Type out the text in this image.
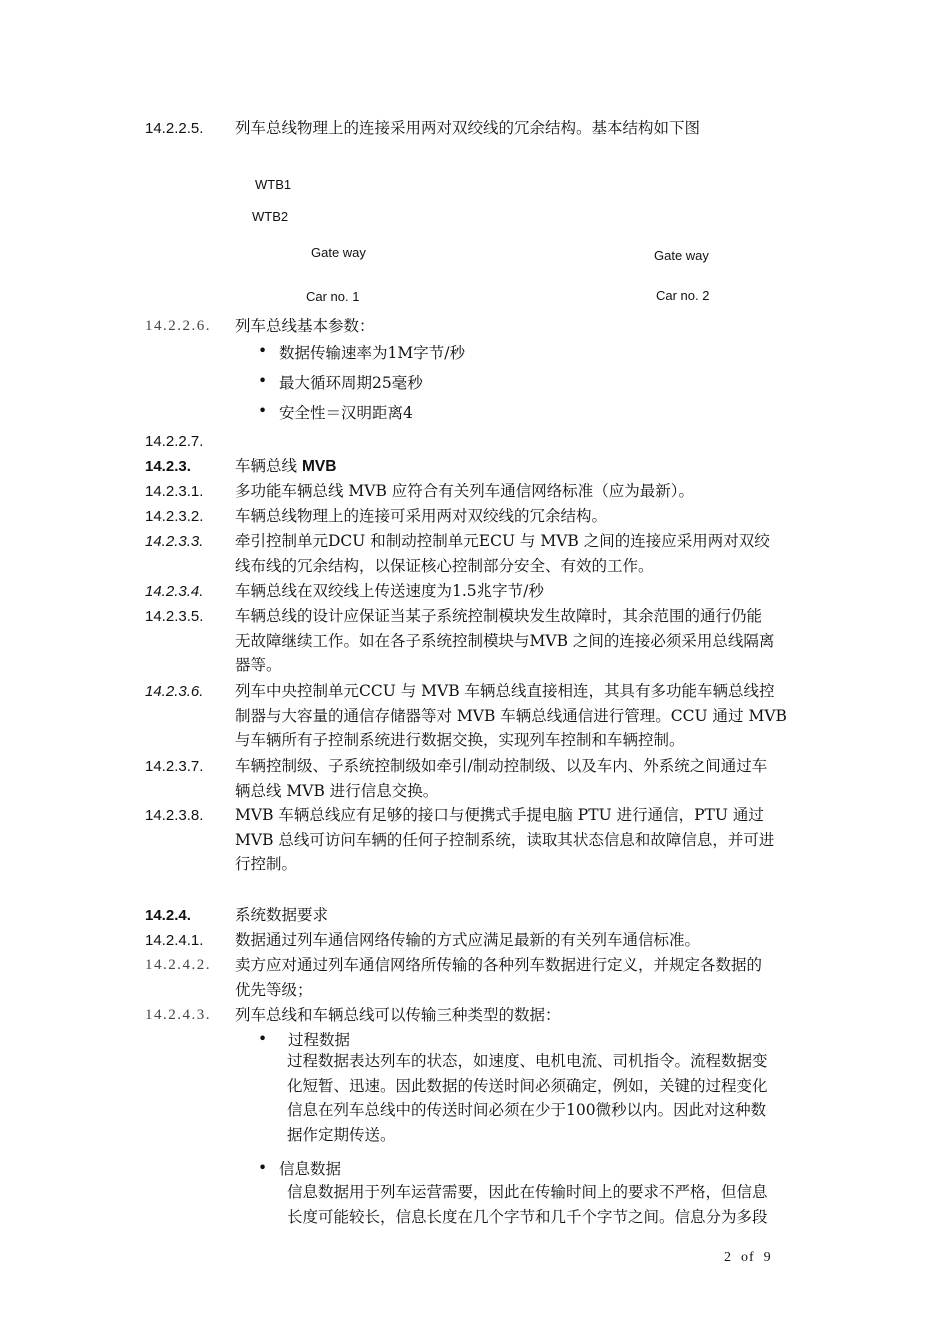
14.2.2.5. 列车总线物理上的连接采用两对双绞线的冗余结构。基本结构如下图
WTB1
WTB2
Gate way	Gate way
Car no. 1	Car no. 2
14.2.2.6. 列车总线基本参数：
• 数据传输速率为1M字节/秒
• 最大循环周期25毫秒
• 安全性＝汉明距离4
14.2.2.7.
14.2.3.	车辆总线 MVB
14.2.3.1. 多功能车辆总线 MVB 应符合有关列车通信网络标准（应为最新）。
14.2.3.2. 车辆总线物理上的连接可采用两对双绞线的冗余结构。
14.2.3.3. 牵引控制单元DCU 和制动控制单元ECU 与 MVB 之间的连接应采用两对双绞
线布线的冗余结构，以保证核心控制部分安全、有效的工作。
14.2.3.4. 车辆总线在双绞线上传送速度为1.5兆字节/秒
14.2.3.5. 车辆总线的设计应保证当某子系统控制模块发生故障时，其余范围的通行仍能
无故障继续工作。如在各子系统控制模块与MVB 之间的连接必须采用总线隔离
器等。
14.2.3.6. 列车中央控制单元CCU 与 MVB 车辆总线直接相连，其具有多功能车辆总线控
制器与大容量的通信存储器等对 MVB 车辆总线通信进行管理。CCU 通过 MVB
与车辆所有子控制系统进行数据交换，实现列车控制和车辆控制。
14.2.3.7. 车辆控制级、子系统控制级如牵引/制动控制级、以及车内、外系统之间通过车
辆总线 MVB 进行信息交换。
14.2.3.8. MVB 车辆总线应有足够的接口与便携式手提电脑 PTU 进行通信，PTU 通过
MVB 总线可访问车辆的任何子控制系统，读取其状态信息和故障信息，并可进
行控制。
14.2.4.	系统数据要求
14.2.4.1. 数据通过列车通信网络传输的方式应满足最新的有关列车通信标准。
14.2.4.2. 卖方应对通过列车通信网络所传输的各种列车数据进行定义，并规定各数据的
优先等级；
14.2.4.3. 列车总线和车辆总线可以传输三种类型的数据：
• 过程数据
过程数据表达列车的状态，如速度、电机电流、司机指令。流程数据变
化短暂、迅速。因此数据的传送时间必须确定，例如，关键的过程变化
信息在列车总线中的传送时间必须在少于100微秒以内。因此对这种数
据作定期传送。
• 信息数据
信息数据用于列车运营需要，因此在传输时间上的要求不严格，但信息
长度可能较长，信息长度在几个字节和几千个字节之间。信息分为多段
2 of 9
